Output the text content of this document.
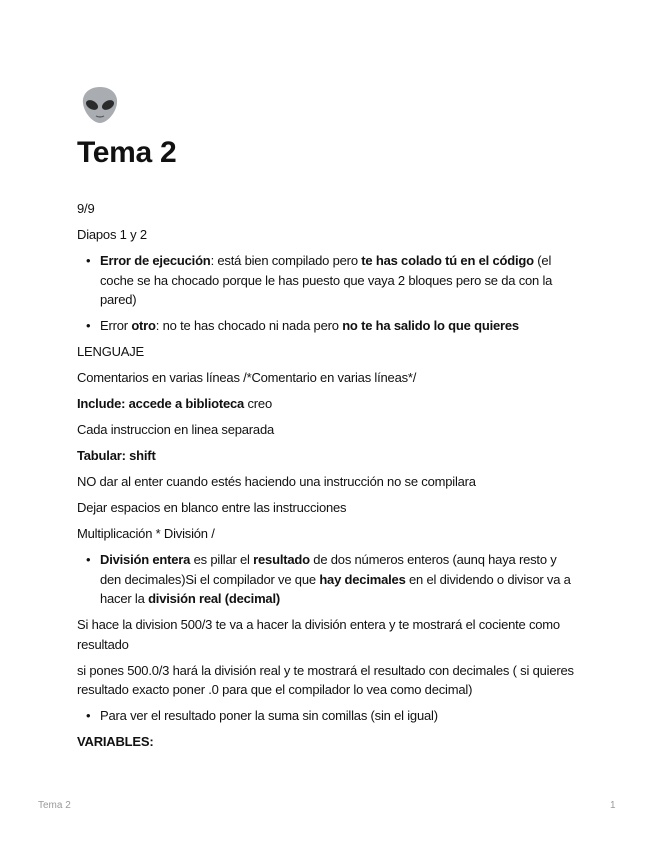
Tema 2
9/9
Diapos 1 y 2
• Error de ejecución: está bien compilado pero te has colado tú en el código (el coche se ha chocado porque le has puesto que vaya 2 bloques pero se da con la pared)
• Error otro: no te has chocado ni nada pero no te ha salido lo que quieres
LENGUAJE
Comentarios en varias líneas /*Comentario en varias líneas*/
Include: accede a biblioteca creo
Cada instruccion en linea separada
Tabular: shift
NO dar al enter cuando estés haciendo una instrucción no se compilara
Dejar espacios en blanco entre las instrucciones
Multiplicación * División /
• División entera es pillar el resultado de dos números enteros (aunq haya resto y den decimales)Si el compilador ve que hay decimales en el dividendo o divisor va a hacer la división real (decimal)
Si hace la division 500/3 te va a hacer la división entera y te mostrará el cociente como resultado
si pones 500.0/3 hará la división real y te mostrará el resultado con decimales ( si quieres resultado exacto poner .0 para que el compilador lo vea como decimal)
• Para ver el resultado poner la suma sin comillas (sin el igual)
VARIABLES:
Tema 2	1
